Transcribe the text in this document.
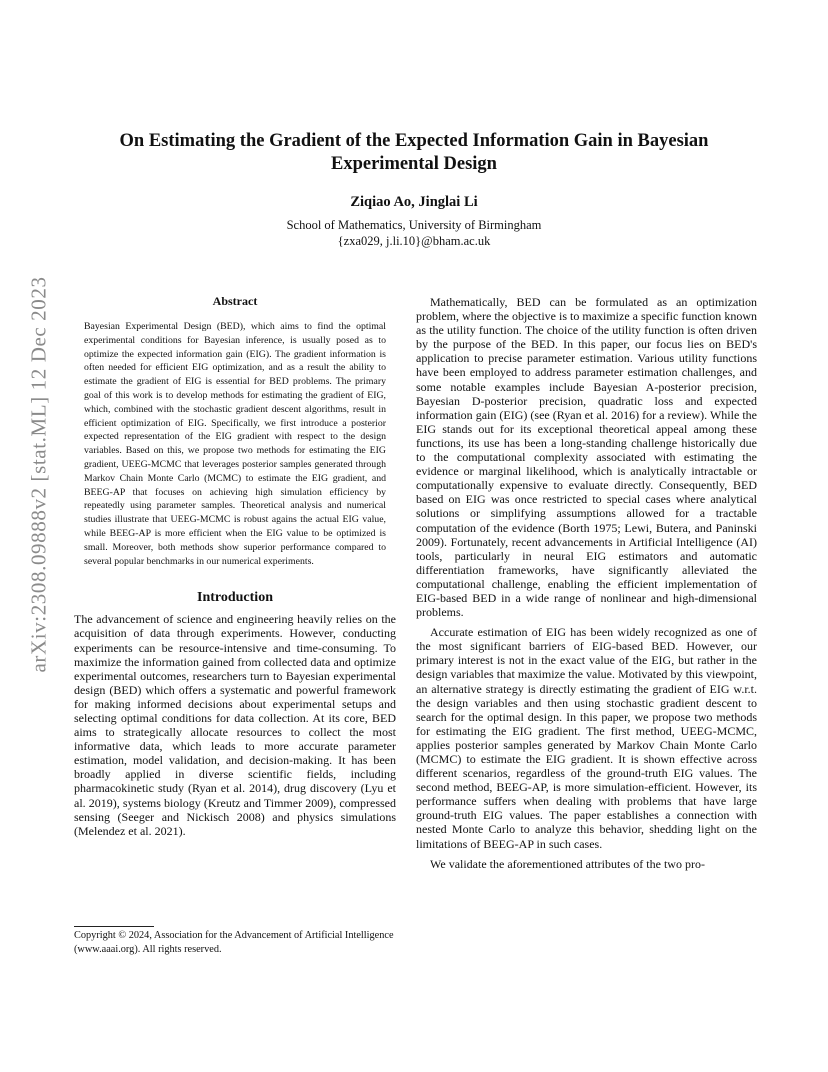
arXiv:2308.09888v2 [stat.ML] 12 Dec 2023
On Estimating the Gradient of the Expected Information Gain in Bayesian Experimental Design

Ziqiao Ao, Jinglai Li

School of Mathematics, University of Birmingham
{zxa029, j.li.10}@bham.ac.uk
Abstract

Bayesian Experimental Design (BED), which aims to find the optimal experimental conditions for Bayesian inference, is usually posed as to optimize the expected information gain (EIG). The gradient information is often needed for efficient EIG optimization, and as a result the ability to estimate the gradient of EIG is essential for BED problems. The primary goal of this work is to develop methods for estimating the gradient of EIG, which, combined with the stochastic gradient descent algorithms, result in efficient optimization of EIG. Specifically, we first introduce a posterior expected representation of the EIG gradient with respect to the design variables. Based on this, we propose two methods for estimating the EIG gradient, UEEG-MCMC that leverages posterior samples generated through Markov Chain Monte Carlo (MCMC) to estimate the EIG gradient, and BEEG-AP that focuses on achieving high simulation efficiency by repeatedly using parameter samples. Theoretical analysis and numerical studies illustrate that UEEG-MCMC is robust agains the actual EIG value, while BEEG-AP is more efficient when the EIG value to be optimized is small. Moreover, both methods show superior performance compared to several popular benchmarks in our numerical experiments.

Introduction

The advancement of science and engineering heavily relies on the acquisition of data through experiments. However, conducting experiments can be resource-intensive and time-consuming. To maximize the information gained from collected data and optimize experimental outcomes, researchers turn to Bayesian experimental design (BED) which offers a systematic and powerful framework for making informed decisions about experimental setups and selecting optimal conditions for data collection. At its core, BED aims to strategically allocate resources to collect the most informative data, which leads to more accurate parameter estimation, model validation, and decision-making. It has been broadly applied in diverse scientific fields, including pharmacokinetic study (Ryan et al. 2014), drug discovery (Lyu et al. 2019), systems biology (Kreutz and Timmer 2009), compressed sensing (Seeger and Nickisch 2008) and physics simulations (Melendez et al. 2021).

Copyright © 2024, Association for the Advancement of Artificial Intelligence (www.aaai.org). All rights reserved.

Mathematically, BED can be formulated as an optimization problem, where the objective is to maximize a specific function known as the utility function. The choice of the utility function is often driven by the purpose of the BED. In this paper, our focus lies on BED's application to precise parameter estimation. Various utility functions have been employed to address parameter estimation challenges, and some notable examples include Bayesian A-posterior precision, Bayesian D-posterior precision, quadratic loss and expected information gain (EIG) (see (Ryan et al. 2016) for a review). While the EIG stands out for its exceptional theoretical appeal among these functions, its use has been a long-standing challenge historically due to the computational complexity associated with estimating the evidence or marginal likelihood, which is analytically intractable or computationally expensive to evaluate directly. Consequently, BED based on EIG was once restricted to special cases where analytical solutions or simplifying assumptions allowed for a tractable computation of the evidence (Borth 1975; Lewi, Butera, and Paninski 2009). Fortunately, recent advancements in Artificial Intelligence (AI) tools, particularly in neural EIG estimators and automatic differentiation frameworks, have significantly alleviated the computational challenge, enabling the efficient implementation of EIG-based BED in a wide range of nonlinear and high-dimensional problems.

Accurate estimation of EIG has been widely recognized as one of the most significant barriers of EIG-based BED. However, our primary interest is not in the exact value of the EIG, but rather in the design variables that maximize the value. Motivated by this viewpoint, an alternative strategy is directly estimating the gradient of EIG w.r.t. the design variables and then using stochastic gradient descent to search for the optimal design. In this paper, we propose two methods for estimating the EIG gradient. The first method, UEEG-MCMC, applies posterior samples generated by Markov Chain Monte Carlo (MCMC) to estimate the EIG gradient. It is shown effective across different scenarios, regardless of the ground-truth EIG values. The second method, BEEG-AP, is more simulation-efficient. However, its performance suffers when dealing with problems that have large ground-truth EIG values. The paper establishes a connection with nested Monte Carlo to analyze this behavior, shedding light on the limitations of BEEG-AP in such cases.

We validate the aforementioned attributes of the two pro-
